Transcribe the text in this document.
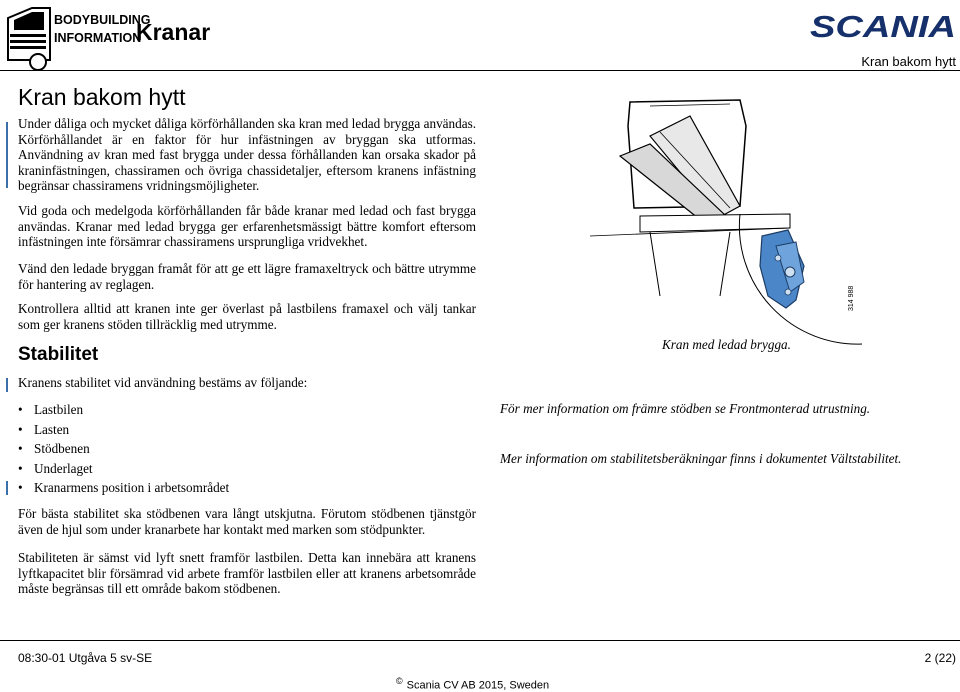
BODYBUILDING
INFORMATION
Kranar	SCANIA
Kran bakom hytt
Kran bakom hytt
Under dåliga och mycket dåliga körförhållanden ska kran med ledad brygga användas. Körförhållandet är en faktor för hur infästningen av bryggan ska utformas. Användning av kran med fast brygga under dessa förhållanden kan orsaka skador på kraninfästningen, chassiramen och övriga chassidetaljer, eftersom kranens infästning begränsar chassiramens vridningsmöjligheter.
Vid goda och medelgoda körförhållanden får både kranar med ledad och fast brygga användas. Kranar med ledad brygga ger erfarenhetsmässigt bättre komfort eftersom infästningen inte försämrar chassiramens ursprungliga vridvekhet.
Vänd den ledade bryggan framåt för att ge ett lägre framaxeltryck och bättre utrymme för hantering av reglagen.
Kontrollera alltid att kranen inte ger överlast på lastbilens framaxel och välj tankar som ger kranens stöden tillräcklig med utrymme.
Stabilitet
Kranens stabilitet vid användning bestäms av följande:
• Lastbilen
• Lasten
• Stödbenen
• Underlaget
• Kranarmens position i arbetsområdet
För bästa stabilitet ska stödbenen vara långt utskjutna. Förutom stödbenen tjänstgör även de hjul som under kranarbete har kontakt med marken som stödpunkter.
Stabiliteten är sämst vid lyft snett framför lastbilen. Detta kan innebära att kranens lyftkapacitet blir försämrad vid arbete framför lastbilen eller att kranens arbetsområde måste begränsas till ett område bakom stödbenen.
314 988
Kran med ledad brygga.
För mer information om främre stödben se Frontmonterad utrustning.
Mer information om stabilitetsberäkningar finns i dokumentet Vältstabilitet.
08:30-01 Utgåva 5 sv-SE	2 (22)
© Scania CV AB 2015, Sweden
